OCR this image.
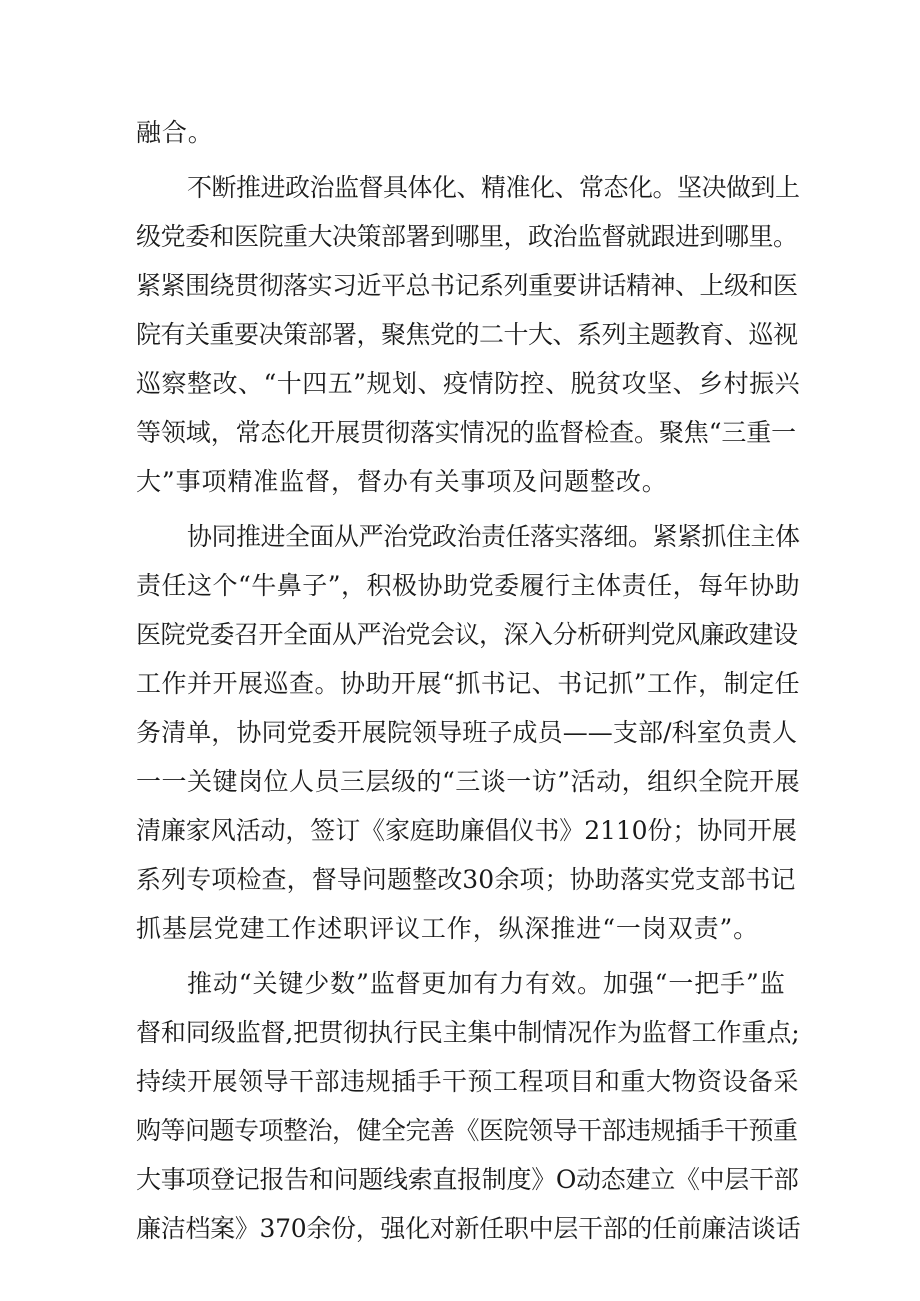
融合。
不断推进政治监督具体化、精准化、常态化。坚决做到上
级党委和医院重大决策部署到哪里，政治监督就跟进到哪里。
紧紧围绕贯彻落实习近平总书记系列重要讲话精神、上级和医
院有关重要决策部署，聚焦党的二十大、系列主题教育、巡视
巡察整改、“十四五”规划、疫情防控、脱贫攻坚、乡村振兴
等领域，常态化开展贯彻落实情况的监督检查。聚焦“三重一
大”事项精准监督，督办有关事项及问题整改。
协同推进全面从严治党政治责任落实落细。紧紧抓住主体
责任这个“牛鼻子”，积极协助党委履行主体责任，每年协助
医院党委召开全面从严治党会议，深入分析研判党风廉政建设
工作并开展巡查。协助开展“抓书记、书记抓”工作，制定任
务清单，协同党委开展院领导班子成员——支部/科室负责人
一一关键岗位人员三层级的“三谈一访”活动，组织全院开展
清廉家风活动，签订《家庭助廉倡仪书》2110份；协同开展
系列专项检查，督导问题整改30余项；协助落实党支部书记
抓基层党建工作述职评议工作，纵深推进“一岗双责”。
推动“关键少数”监督更加有力有效。加强“一把手”监
督和同级监督,把贯彻执行民主集中制情况作为监督工作重点;
持续开展领导干部违规插手干预工程项目和重大物资设备采
购等问题专项整治，健全完善《医院领导干部违规插手干预重
大事项登记报告和问题线索直报制度》O动态建立《中层干部
廉洁档案》370余份，强化对新任职中层干部的任前廉洁谈话
